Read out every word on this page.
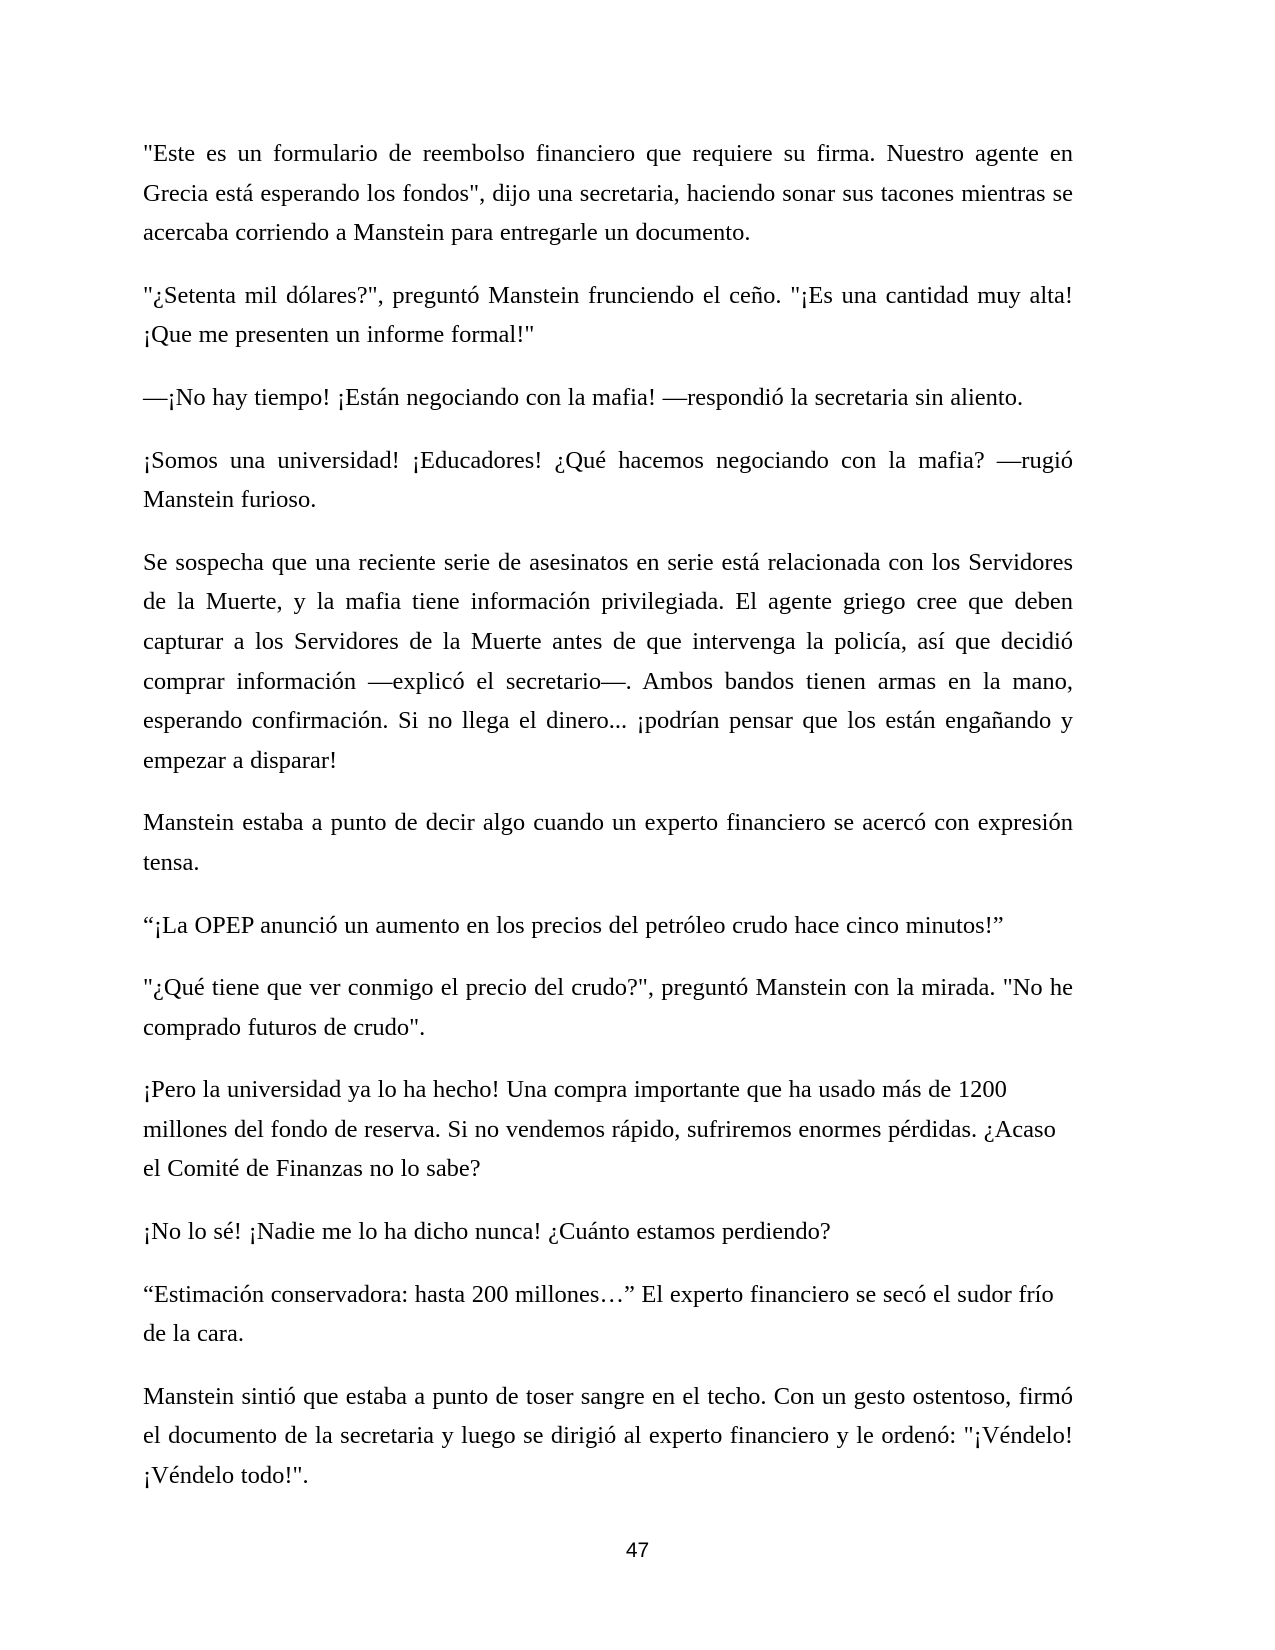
"Este es un formulario de reembolso financiero que requiere su firma. Nuestro agente en Grecia está esperando los fondos", dijo una secretaria, haciendo sonar sus tacones mientras se acercaba corriendo a Manstein para entregarle un documento.

"¿Setenta mil dólares?", preguntó Manstein frunciendo el ceño. "¡Es una cantidad muy alta! ¡Que me presenten un informe formal!"

—¡No hay tiempo! ¡Están negociando con la mafia! —respondió la secretaria sin aliento.

¡Somos una universidad! ¡Educadores! ¿Qué hacemos negociando con la mafia? —rugió Manstein furioso.

Se sospecha que una reciente serie de asesinatos en serie está relacionada con los Servidores de la Muerte, y la mafia tiene información privilegiada. El agente griego cree que deben capturar a los Servidores de la Muerte antes de que intervenga la policía, así que decidió comprar información —explicó el secretario—. Ambos bandos tienen armas en la mano, esperando confirmación. Si no llega el dinero... ¡podrían pensar que los están engañando y empezar a disparar!

Manstein estaba a punto de decir algo cuando un experto financiero se acercó con expresión tensa.

“¡La OPEP anunció un aumento en los precios del petróleo crudo hace cinco minutos!”

"¿Qué tiene que ver conmigo el precio del crudo?", preguntó Manstein con la mirada. "No he comprado futuros de crudo".

¡Pero la universidad ya lo ha hecho! Una compra importante que ha usado más de 1200 millones del fondo de reserva. Si no vendemos rápido, sufriremos enormes pérdidas. ¿Acaso el Comité de Finanzas no lo sabe?

¡No lo sé! ¡Nadie me lo ha dicho nunca! ¿Cuánto estamos perdiendo?

“Estimación conservadora: hasta 200 millones…” El experto financiero se secó el sudor frío de la cara.

Manstein sintió que estaba a punto de toser sangre en el techo. Con un gesto ostentoso, firmó el documento de la secretaria y luego se dirigió al experto financiero y le ordenó: "¡Véndelo! ¡Véndelo todo!".

47
